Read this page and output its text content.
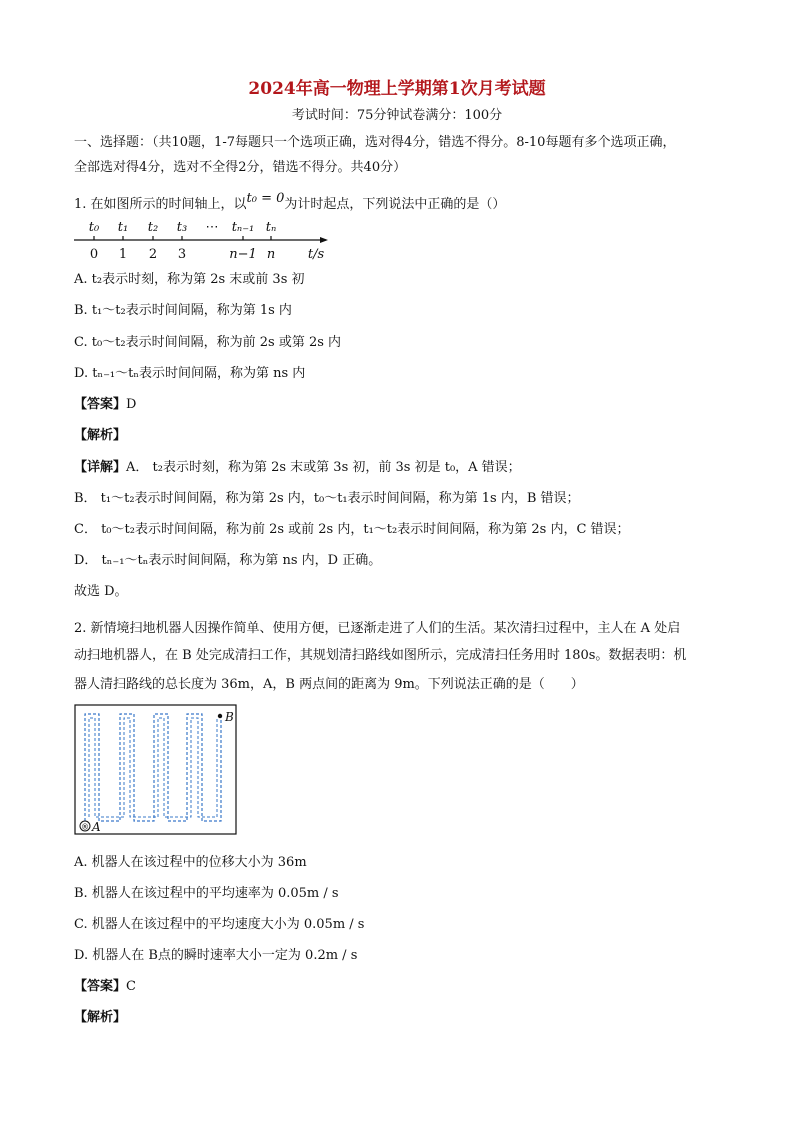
2024年高一物理上学期第1次月考试题
考试时间：75分钟试卷满分：100分
一、选择题：（共10题，1-7每题只一个选项正确，选对得4分，错选不得分。8-10每题有多个选项正确，
全部选对得4分，选对不全得2分，错选不得分。共40分）
1. 在如图所示的时间轴上，以t₀ = 0为计时起点，下列说法中正确的是（）
t₀ t₁ t₂ t₃ ⋯ tₙ₋₁ tₙ
0 1 2 3	n−1 n	t/s
A. t₂表示时刻，称为第 2s 末或前 3s 初
B. t₁～t₂表示时间间隔，称为第 1s 内
C. t₀～t₂表示时间间隔，称为前 2s 或第 2s 内
D. tₙ₋₁～tₙ表示时间间隔，称为第 ns 内
【答案】D
【解析】
【详解】A． t₂表示时刻，称为第 2s 末或第 3s 初，前 3s 初是 t₀，A 错误；
B． t₁～t₂表示时间间隔，称为第 2s 内，t₀～t₁表示时间间隔，称为第 1s 内，B 错误；
C． t₀～t₂表示时间间隔，称为前 2s 或前 2s 内，t₁～t₂表示时间间隔，称为第 2s 内，C 错误；
D． tₙ₋₁～tₙ表示时间间隔，称为第 ns 内，D 正确。
故选 D。
2. 新情境扫地机器人因操作简单、使用方便，已逐渐走进了人们的生活。某次清扫过程中，主人在 A 处启
动扫地机器人，在 B 处完成清扫工作，其规划清扫路线如图所示，完成清扫任务用时 180s。数据表明：机
器人清扫路线的总长度为 36m，A，B 两点间的距离为 9m。下列说法正确的是（　　）
B
® A
A. 机器人在该过程中的位移大小为 36m
B. 机器人在该过程中的平均速率为 0.05m / s
C. 机器人在该过程中的平均速度大小为 0.05m / s
D. 机器人在 B点的瞬时速率大小一定为 0.2m / s
【答案】C
【解析】
